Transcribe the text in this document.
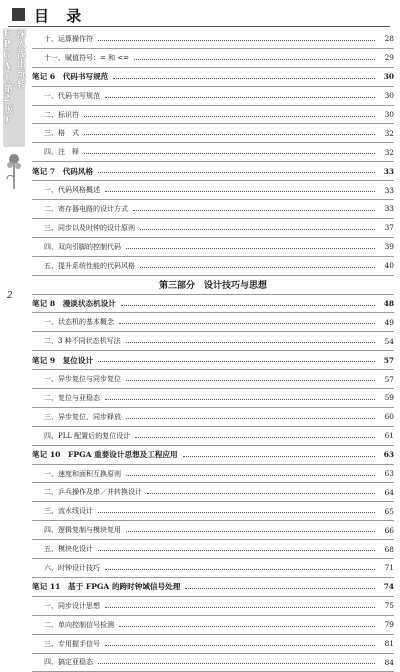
目 录
深入浅出玩转FPGA(第2版)
2
十、运算操作符	28
十一、赋值符号：= 和 <=	29
笔记 6　代码书写规范	30
一、代码书写规范	30
二、标识符	30
三、格　式	32
四、注　释	32
笔记 7　代码风格	33
一、代码风格概述	33
二、寄存器电路的设计方式	33
三、同步以及时钟的设计原则	37
四、双向引脚的控制代码	39
五、提升系统性能的代码风格	40
第三部分　设计技巧与思想
笔记 8　漫谈状态机设计	48
一、状态机的基本概念	49
二、3 种不同状态机写法	54
笔记 9　复位设计	57
一、异步复位与同步复位	57
二、复位与亚稳态	59
三、异步复位、同步释放	60
四、PLL 配置后的复位设计	61
笔记 10　FPGA 重要设计思想及工程应用	63
一、速度和面积互换原则	63
二、乒乓操作及串／并转换设计	64
三、流水线设计	65
四、逻辑复制与模块复用	66
五、模块化设计	68
六、时钟设计技巧	71
笔记 11　基于 FPGA 的跨时钟域信号处理	74
一、同步设计思想	75
二、单向控制信号检测	79
三、专用握手信号	81
四、搞定亚稳态	84
